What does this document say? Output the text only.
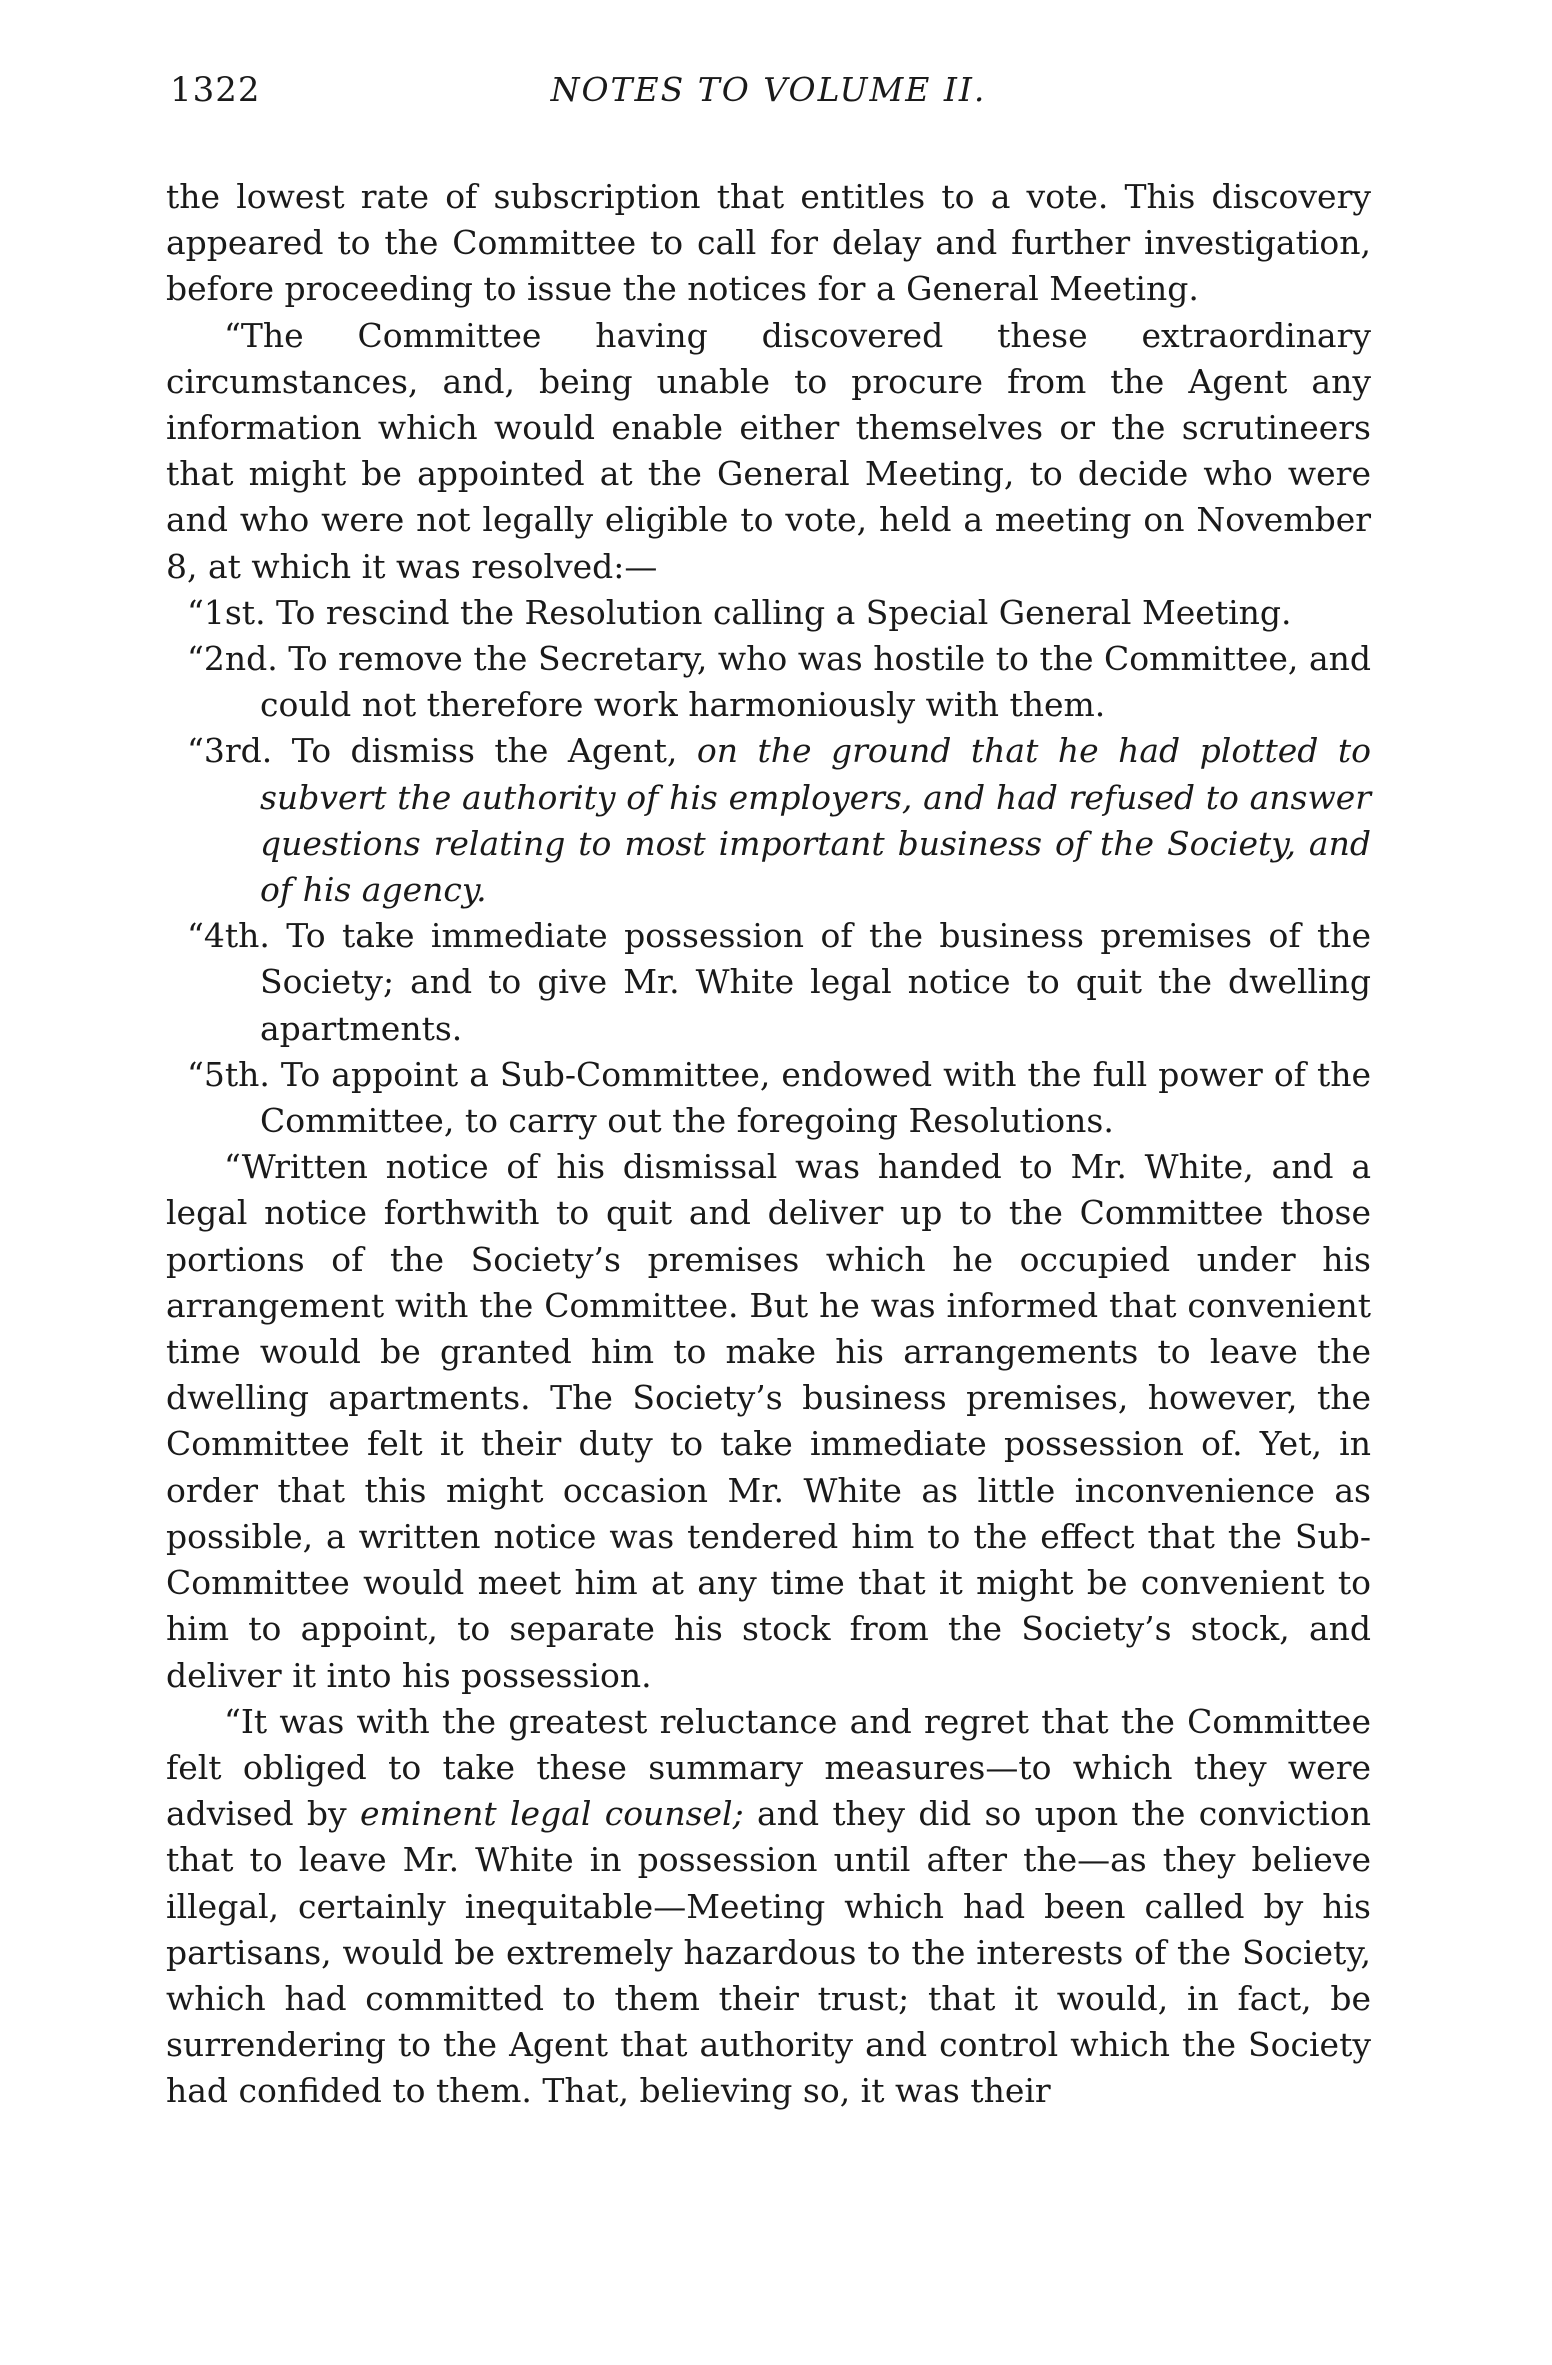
1322	NOTES TO VOLUME II.

the lowest rate of subscription that entitles to a vote. This discovery appeared to the Committee to call for delay and further investigation, before proceeding to issue the notices for a General Meeting.

“The Committee having discovered these extraordinary circumstances, and, being unable to procure from the Agent any information which would enable either themselves or the scrutineers that might be appointed at the General Meeting, to decide who were and who were not legally eligible to vote, held a meeting on November 8, at which it was resolved:—

“1st. To rescind the Resolution calling a Special General Meeting.

“2nd. To remove the Secretary, who was hostile to the Committee, and could not therefore work harmoniously with them.

“3rd. To dismiss the Agent, on the ground that he had plotted to subvert the authority of his employers, and had refused to answer questions relating to most important business of the Society, and of his agency.

“4th. To take immediate possession of the business premises of the Society; and to give Mr. White legal notice to quit the dwelling apartments.

“5th. To appoint a Sub-Committee, endowed with the full power of the Committee, to carry out the foregoing Resolutions.

“Written notice of his dismissal was handed to Mr. White, and a legal notice forthwith to quit and deliver up to the Committee those portions of the Society’s premises which he occupied under his arrangement with the Committee. But he was informed that convenient time would be granted him to make his arrangements to leave the dwelling apartments. The Society’s business premises, however, the Committee felt it their duty to take immediate possession of. Yet, in order that this might occasion Mr. White as little inconvenience as possible, a written notice was tendered him to the effect that the Sub-Committee would meet him at any time that it might be convenient to him to appoint, to separate his stock from the Society’s stock, and deliver it into his possession.

“It was with the greatest reluctance and regret that the Committee felt obliged to take these summary measures—to which they were advised by eminent legal counsel; and they did so upon the conviction that to leave Mr. White in possession until after the—as they believe illegal, certainly inequitable—Meeting which had been called by his partisans, would be extremely hazardous to the interests of the Society, which had committed to them their trust; that it would, in fact, be surrendering to the Agent that authority and control which the Society had confided to them. That, believing so, it was their
